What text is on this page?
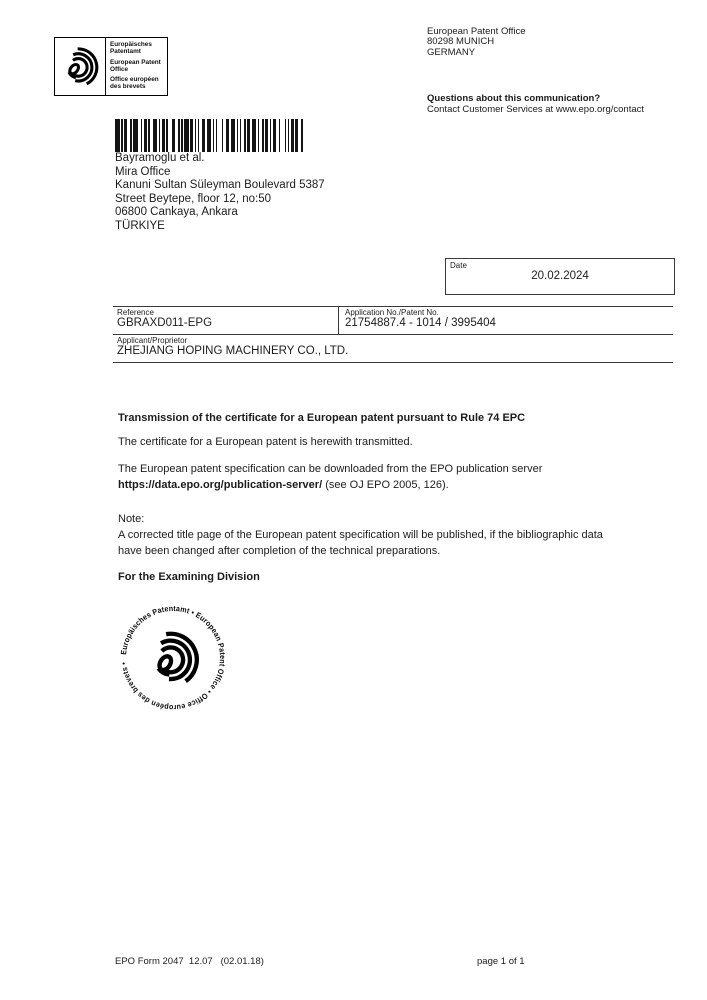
Europäisches Patentamt
European Patent Office
Office européen des brevets
European Patent Office
80298 MUNICH
GERMANY
Questions about this communication?
Contact Customer Services at www.epo.org/contact
Bayramoglu et al.
Mira Office
Kanuni Sultan Süleyman Boulevard 5387
Street Beytepe, floor 12, no:50
06800 Cankaya, Ankara
TÜRKIYE
Date
20.02.2024
Reference
GBRAXD011-EPG
Application No./Patent No.
21754887.4 - 1014 / 3995404
Applicant/Proprietor
ZHEJIANG HOPING MACHINERY CO., LTD.
Transmission of the certificate for a European patent pursuant to Rule 74 EPC
The certificate for a European patent is herewith transmitted.
The European patent specification can be downloaded from the EPO publication server
https://data.epo.org/publication-server/ (see OJ EPO 2005, 126).
Note:
A corrected title page of the European patent specification will be published, if the bibliographic data
have been changed after completion of the technical preparations.
For the Examining Division
Europäisches Patentamt • European Patent Office • Office européen des brevets •
EPO Form 2047  12.07   (02.01.18)	page 1 of 1
